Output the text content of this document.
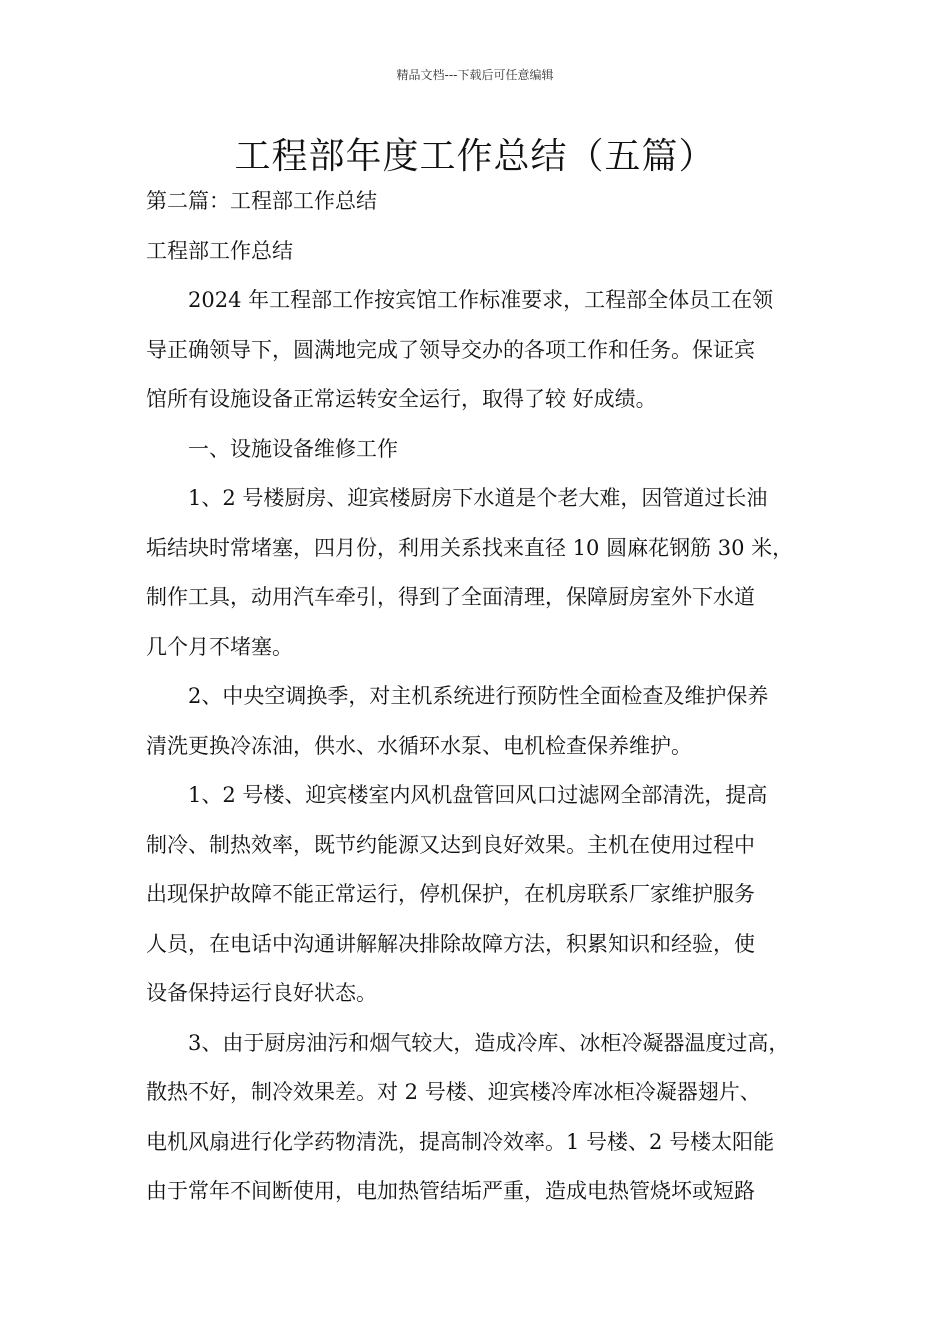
精品文档---下载后可任意编辑
工程部年度工作总结（五篇）
第二篇：工程部工作总结
工程部工作总结
2024 年工程部工作按宾馆工作标准要求，工程部全体员工在领
导正确领导下，圆满地完成了领导交办的各项工作和任务。保证宾
馆所有设施设备正常运转安全运行，取得了较 好成绩。
一、设施设备维修工作
1、2 号楼厨房、迎宾楼厨房下水道是个老大难，因管道过长油
垢结块时常堵塞，四月份，利用关系找来直径 10 圆麻花钢筋 30 米，
制作工具，动用汽车牵引，得到了全面清理，保障厨房室外下水道
几个月不堵塞。
2、中央空调换季，对主机系统进行预防性全面检查及维护保养
清洗更换冷冻油，供水、水循环水泵、电机检查保养维护。
1、2 号楼、迎宾楼室内风机盘管回风口过滤网全部清洗，提高
制冷、制热效率，既节约能源又达到良好效果。主机在使用过程中
出现保护故障不能正常运行，停机保护，在机房联系厂家维护服务
人员，在电话中沟通讲解解决排除故障方法，积累知识和经验，使
设备保持运行良好状态。
3、由于厨房油污和烟气较大，造成冷库、冰柜冷凝器温度过高，
散热不好，制冷效果差。对 2 号楼、迎宾楼冷库冰柜冷凝器翅片、
电机风扇进行化学药物清洗，提高制冷效率。1 号楼、2 号楼太阳能
由于常年不间断使用，电加热管结垢严重，造成电热管烧坏或短路
